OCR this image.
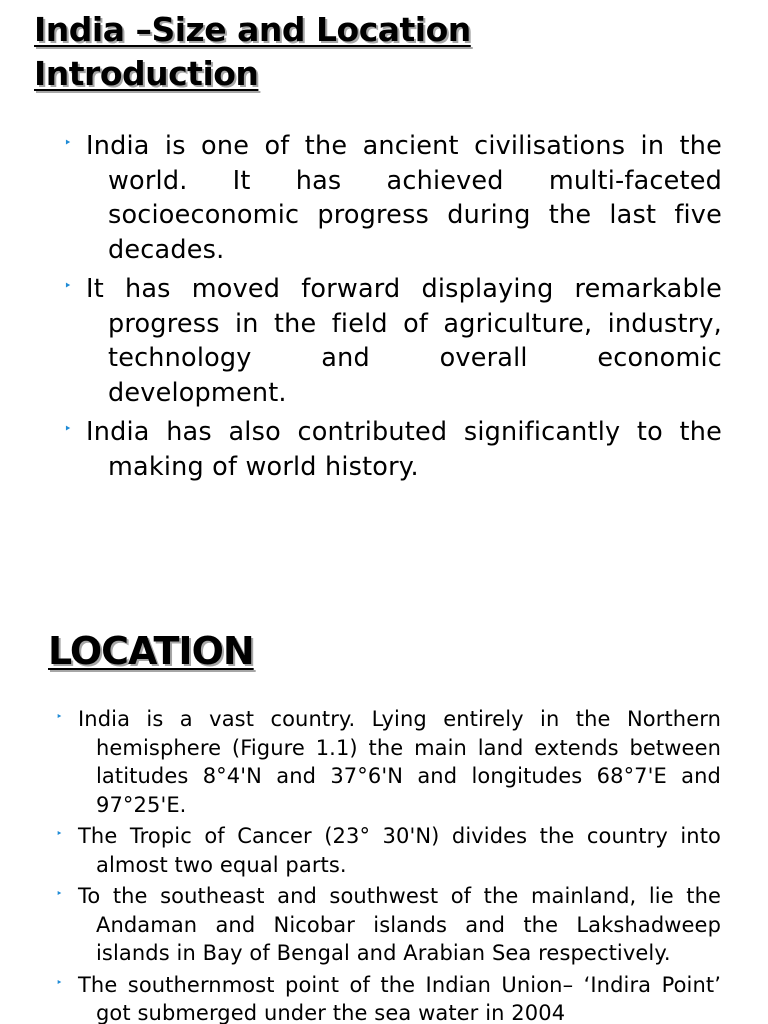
India –Size and Location
Introduction
‣ India is one of the ancient civilisations in the world. It has achieved multi-faceted socioeconomic progress during the last five decades.
‣ It has moved forward displaying remarkable progress in the field of agriculture, industry, technology and overall economic development.
‣ India has also contributed significantly to the making of world history.
LOCATION
‣ India is a vast country. Lying entirely in the Northern hemisphere (Figure 1.1) the main land extends between latitudes 8°4'N and 37°6'N and longitudes 68°7'E and 97°25'E.
‣ The Tropic of Cancer (23° 30'N) divides the country into almost two equal parts.
‣ To the southeast and southwest of the mainland, lie the Andaman and Nicobar islands and the Lakshadweep islands in Bay of Bengal and Arabian Sea respectively.
‣ The southernmost point of the Indian Union– ‘Indira Point’ got submerged under the sea water in 2004
